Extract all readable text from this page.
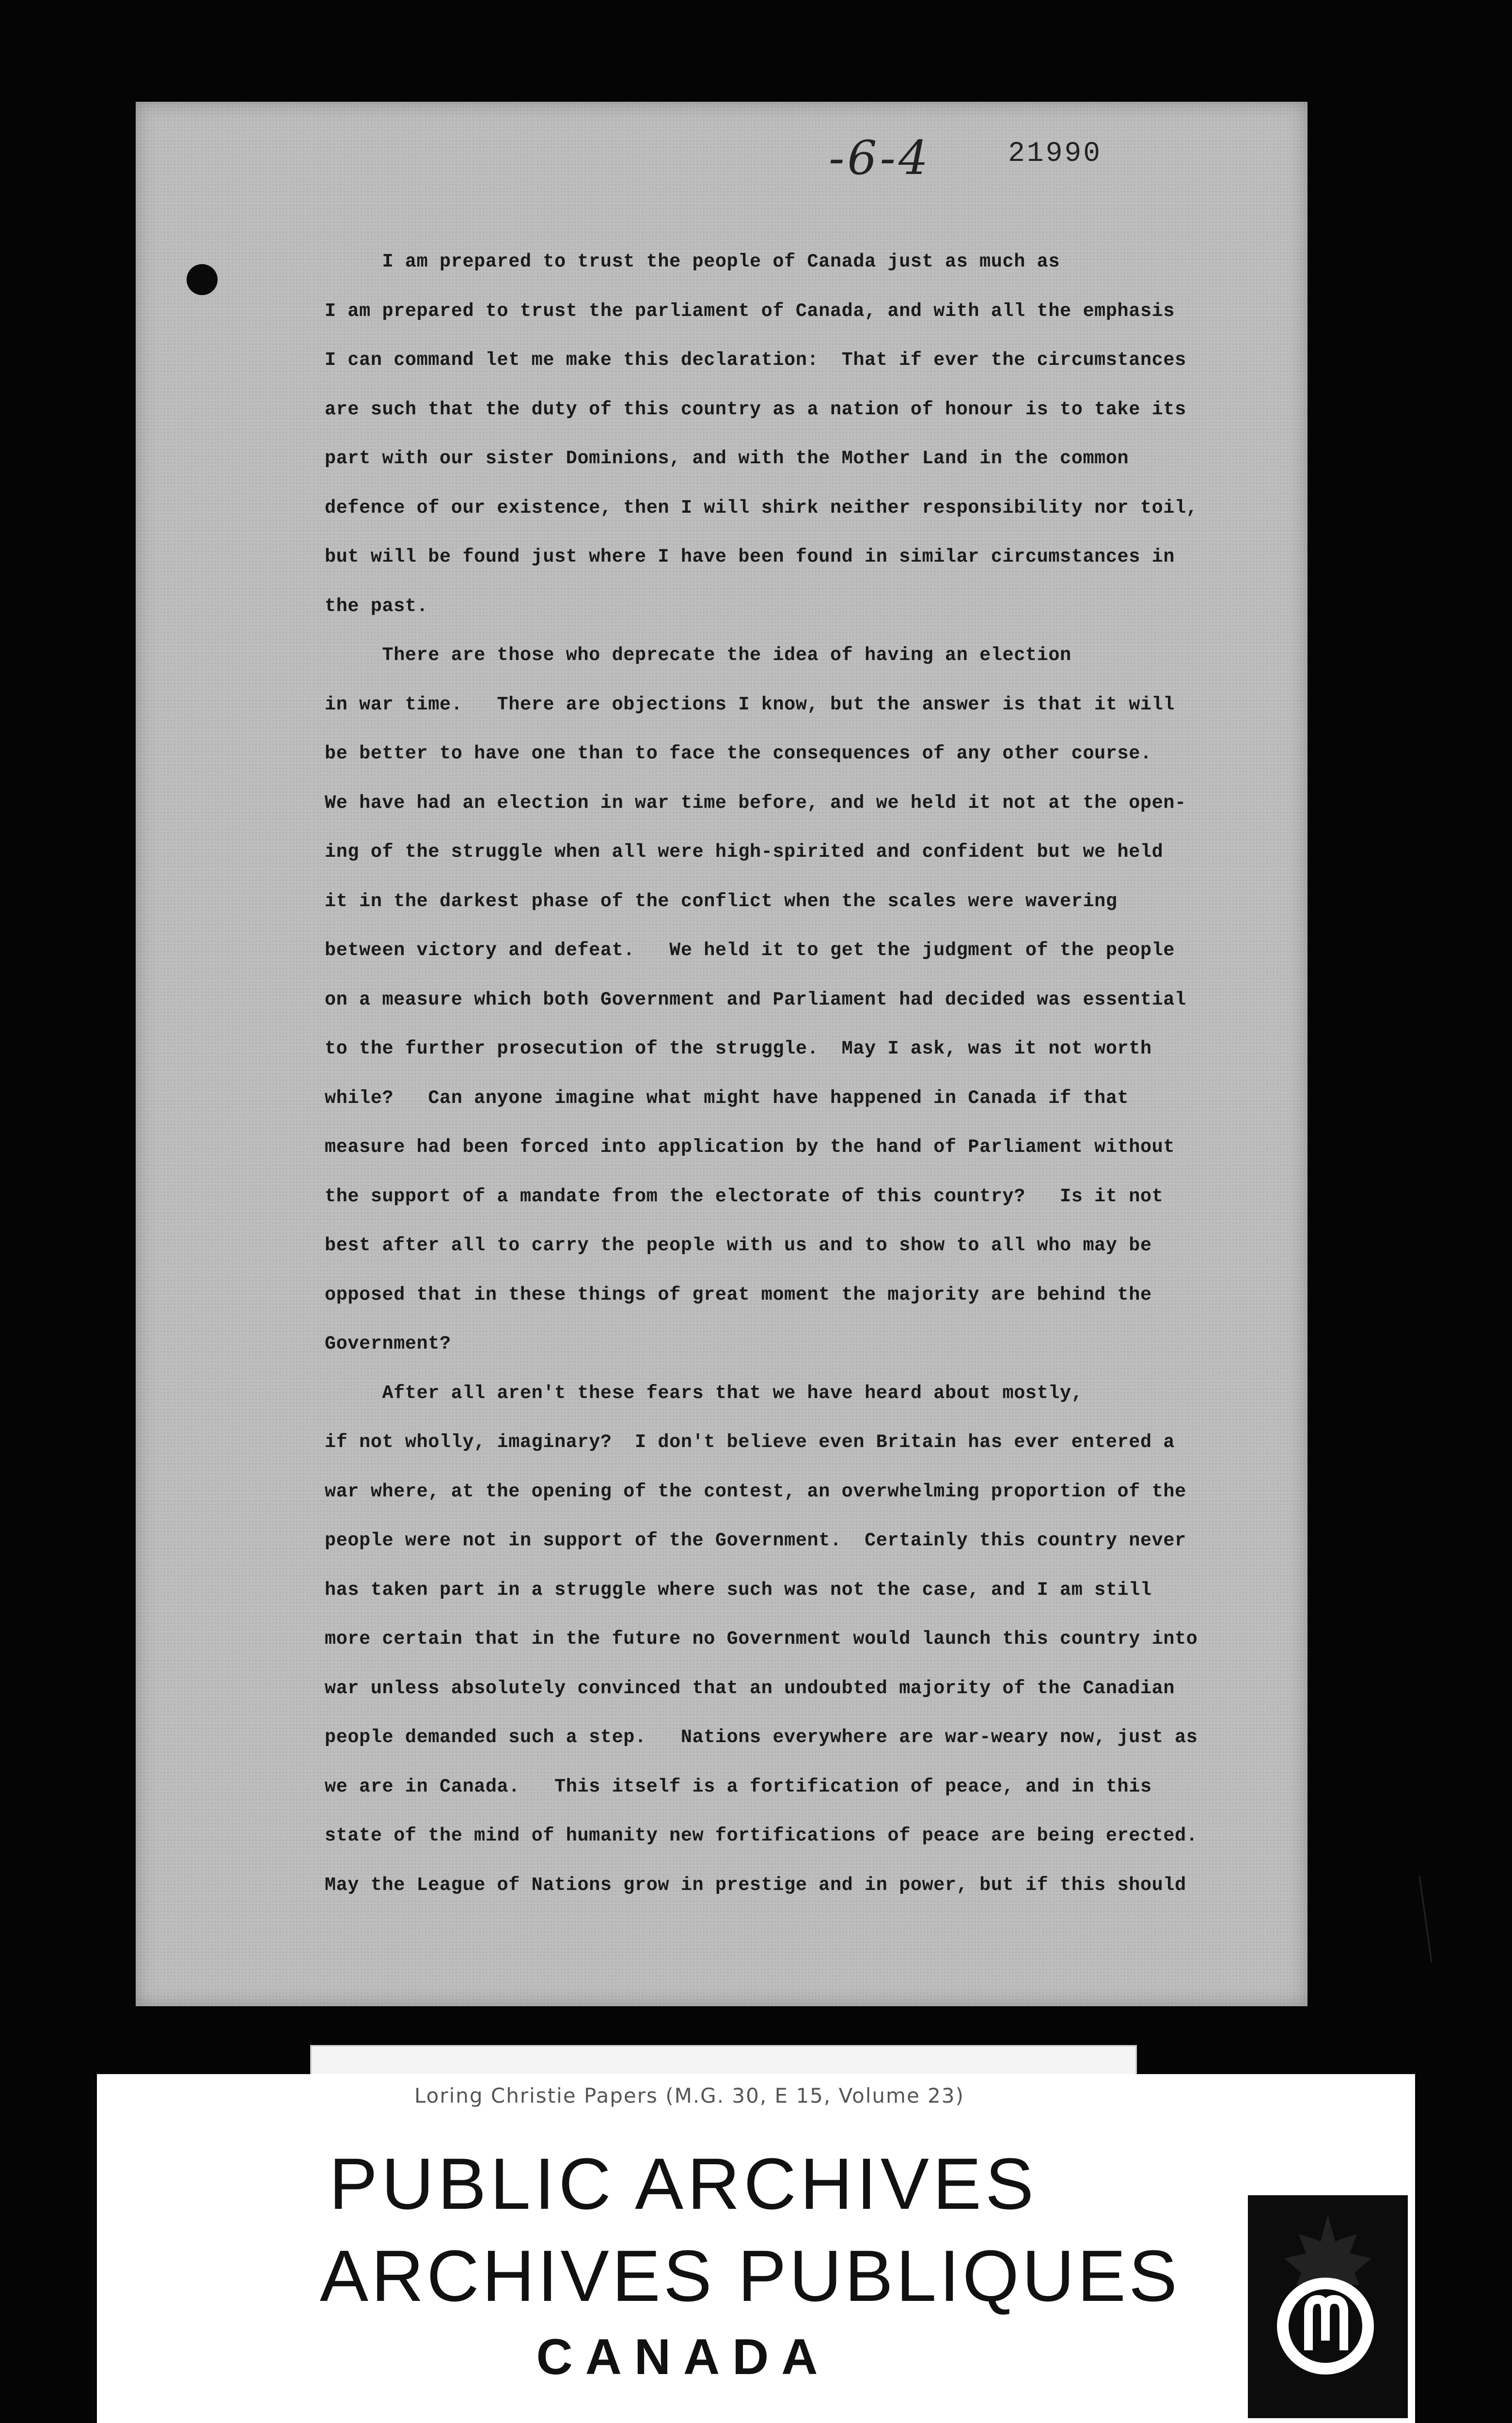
-6-4	21990
I am prepared to trust the people of Canada just as much as
I am prepared to trust the parliament of Canada, and with all the emphasis
I can command let me make this declaration:  That if ever the circumstances
are such that the duty of this country as a nation of honour is to take its
part with our sister Dominions, and with the Mother Land in the common
defence of our existence, then I will shirk neither responsibility nor toil,
but will be found just where I have been found in similar circumstances in
the past.
There are those who deprecate the idea of having an election
in war time.   There are objections I know, but the answer is that it will
be better to have one than to face the consequences of any other course.
We have had an election in war time before, and we held it not at the open-
ing of the struggle when all were high-spirited and confident but we held
it in the darkest phase of the conflict when the scales were wavering
between victory and defeat.   We held it to get the judgment of the people
on a measure which both Government and Parliament had decided was essential
to the further prosecution of the struggle.  May I ask, was it not worth
while?   Can anyone imagine what might have happened in Canada if that
measure had been forced into application by the hand of Parliament without
the support of a mandate from the electorate of this country?   Is it not
best after all to carry the people with us and to show to all who may be
opposed that in these things of great moment the majority are behind the
Government?
After all aren't these fears that we have heard about mostly,
if not wholly, imaginary?  I don't believe even Britain has ever entered a
war where, at the opening of the contest, an overwhelming proportion of the
people were not in support of the Government.  Certainly this country never
has taken part in a struggle where such was not the case, and I am still
more certain that in the future no Government would launch this country into
war unless absolutely convinced that an undoubted majority of the Canadian
people demanded such a step.   Nations everywhere are war-weary now, just as
we are in Canada.   This itself is a fortification of peace, and in this
state of the mind of humanity new fortifications of peace are being erected.
May the League of Nations grow in prestige and in power, but if this should
Loring Christie Papers (M.G. 30, E 15, Volume 23)
PUBLIC ARCHIVES
ARCHIVES PUBLIQUES
CANADA
